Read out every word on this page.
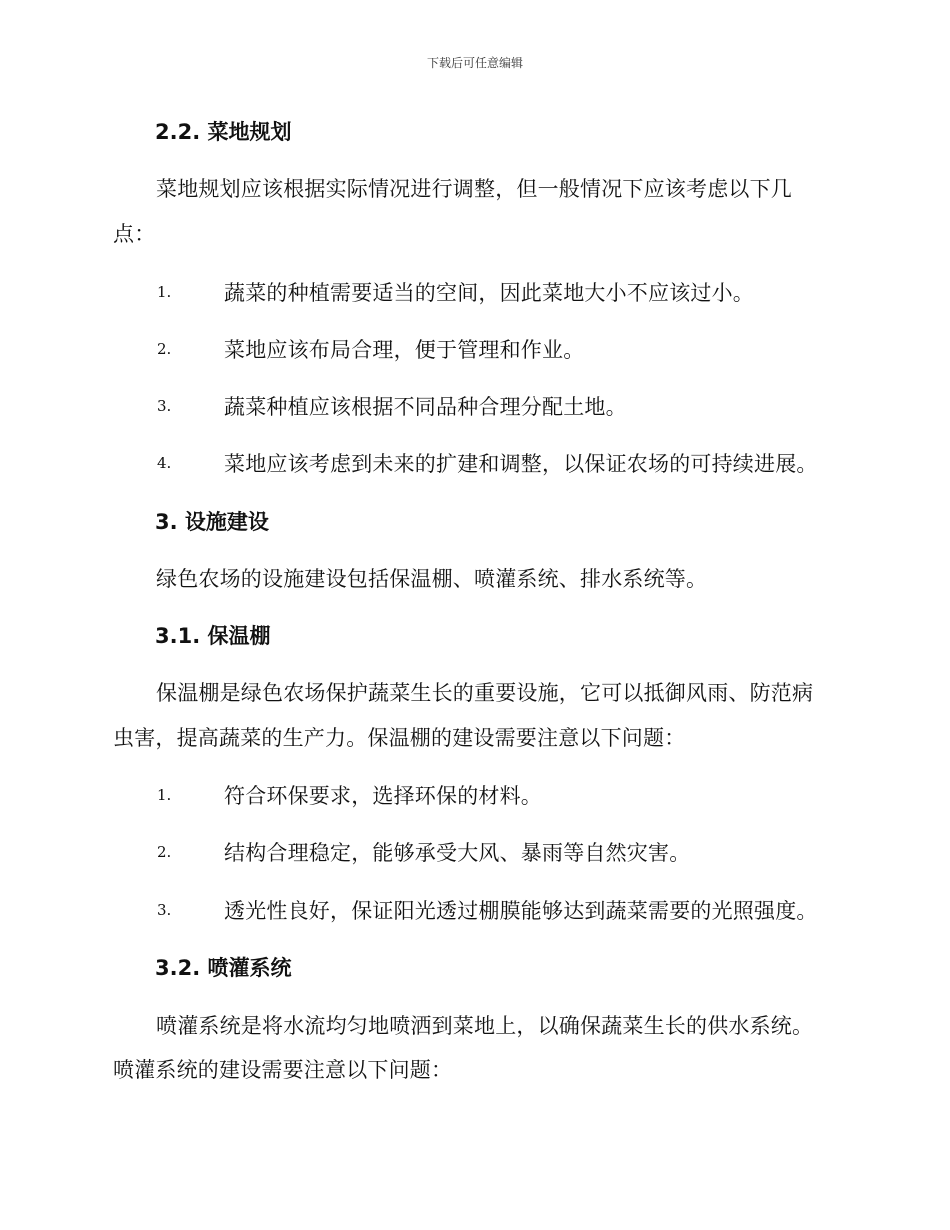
下载后可任意编辑
2.2. 菜地规划
菜地规划应该根据实际情况进行调整，但一般情况下应该考虑以下几
点：
1.	蔬菜的种植需要适当的空间，因此菜地大小不应该过小。
2.	菜地应该布局合理，便于管理和作业。
3.	蔬菜种植应该根据不同品种合理分配土地。
4.	菜地应该考虑到未来的扩建和调整，以保证农场的可持续进展。
3. 设施建设
绿色农场的设施建设包括保温棚、喷灌系统、排水系统等。
3.1. 保温棚
保温棚是绿色农场保护蔬菜生长的重要设施，它可以抵御风雨、防范病
虫害，提高蔬菜的生产力。保温棚的建设需要注意以下问题：
1.	符合环保要求，选择环保的材料。
2.	结构合理稳定，能够承受大风、暴雨等自然灾害。
3.	透光性良好，保证阳光透过棚膜能够达到蔬菜需要的光照强度。
3.2. 喷灌系统
喷灌系统是将水流均匀地喷洒到菜地上，以确保蔬菜生长的供水系统。
喷灌系统的建设需要注意以下问题：
